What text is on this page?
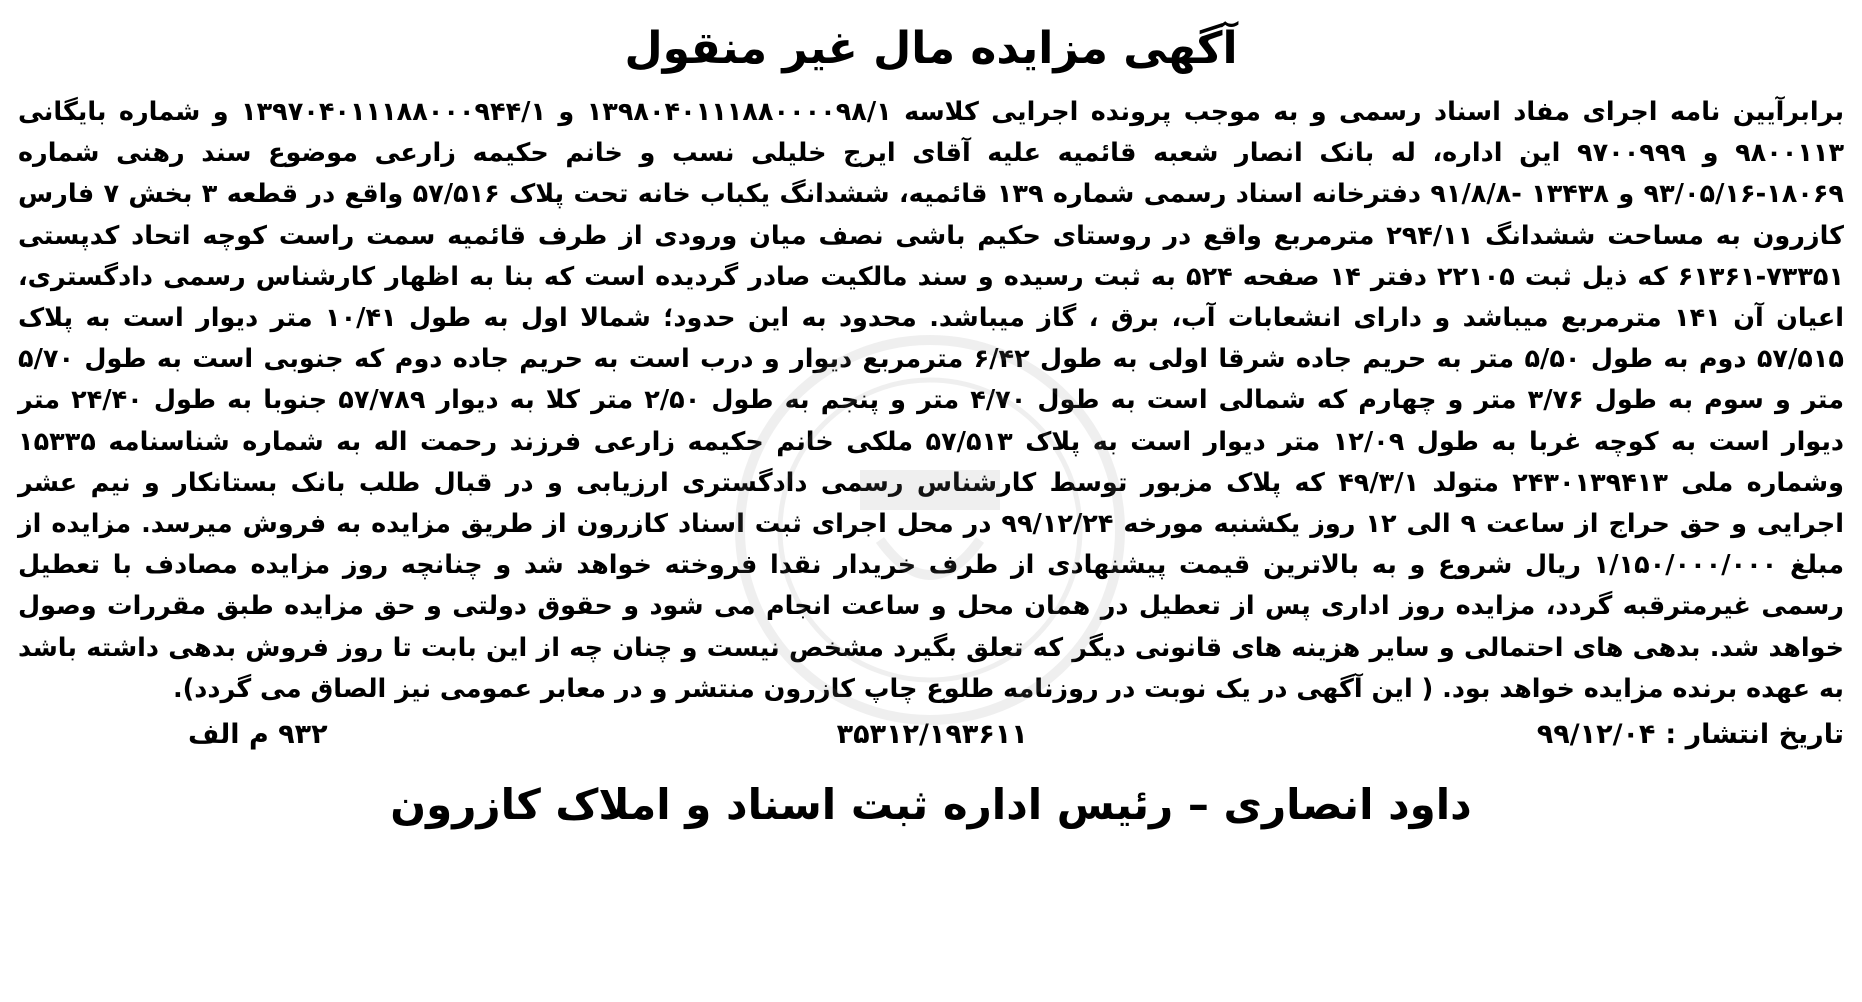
آگهی مزایده مال غیر منقول

برابرآیین نامه اجرای مفاد اسناد رسمی و به موجب پرونده اجرایی کلاسه ۱۳۹۸۰۴۰۱۱۱۸۸۰۰۰۰۹۸/۱ و ۱۳۹۷۰۴۰۱۱۱۸۸۰۰۰۹۴۴/۱ و شماره بایگانی ۹۸۰۰۱۱۳ و ۹۷۰۰۹۹۹ این اداره، له بانک انصار شعبه قائمیه علیه آقای ایرج خلیلی نسب و خانم حکیمه زارعی موضوع سند رهنی شماره ۱۸۰۶۹-۹۳/۰۵/۱۶ و ۱۳۴۳۸ -۹۱/۸/۸ دفترخانه اسناد رسمی شماره ۱۳۹ قائمیه، ششدانگ یکباب خانه تحت پلاک ۵۷/۵۱۶ واقع در قطعه ۳ بخش ۷ فارس کازرون به مساحت ششدانگ ۲۹۴/۱۱ مترمربع واقع در روستای حکیم باشی نصف میان ورودی از طرف قائمیه سمت راست کوچه اتحاد کدپستی ۷۳۳۵۱-۶۱۳۶۱ که ذیل ثبت ۲۲۱۰۵ دفتر ۱۴ صفحه ۵۲۴ به ثبت رسیده و سند مالکیت صادر گردیده است که بنا به اظهار کارشناس رسمی دادگستری، اعیان آن ۱۴۱ مترمربع میباشد و دارای انشعابات آب، برق ، گاز میباشد. محدود به این حدود؛ شمالا اول به طول ۱۰/۴۱ متر دیوار است به پلاک ۵۷/۵۱۵ دوم به طول ۵/۵۰ متر به حریم جاده شرقا اولی به طول ۶/۴۲ مترمربع دیوار و درب است به حریم جاده دوم که جنوبی است به طول ۵/۷۰ متر و سوم به طول ۳/۷۶ متر و چهارم که شمالی است به طول ۴/۷۰ متر و پنجم به طول ۲/۵۰ متر کلا به دیوار ۵۷/۷۸۹ جنوبا به طول ۲۴/۴۰ متر دیوار است به کوچه غربا به طول ۱۲/۰۹ متر دیوار است به پلاک ۵۷/۵۱۳ ملکی خانم حکیمه زارعی فرزند رحمت اله به شماره شناسنامه ۱۵۳۳۵ وشماره ملی ۲۴۳۰۱۳۹۴۱۳ متولد ۴۹/۳/۱ که پلاک مزبور توسط کارشناس رسمی دادگستری ارزیابی و در قبال طلب بانک بستانکار و نیم عشر اجرایی و حق حراج از ساعت ۹ الی ۱۲ روز یکشنبه مورخه ۹۹/۱۲/۲۴ در محل اجرای ثبت اسناد کازرون از طریق مزایده به فروش میرسد. مزایده از مبلغ ۱/۱۵۰/۰۰۰/۰۰۰ ریال شروع و به بالاترین قیمت پیشنهادی از طرف خریدار نقدا فروخته خواهد شد و چنانچه روز مزایده مصادف با تعطیل رسمی غیرمترقبه گردد، مزایده روز اداری پس از تعطیل در همان محل و ساعت انجام می شود و حقوق دولتی و حق مزایده طبق مقررات وصول خواهد شد. بدهی های احتمالی و سایر هزینه های قانونی دیگر که تعلق بگیرد مشخص نیست و چنان چه از این بابت تا روز فروش بدهی داشته باشد به عهده برنده مزایده خواهد بود. ( این آگهی در یک نوبت در روزنامه طلوع چاپ کازرون منتشر و در معابر عمومی نیز الصاق می گردد).

تاریخ انتشار :
۹۹/۱۲/۰۴
۳۵۳۱۲/۱۹۳۶۱۱
۹۳۲ م الف
داود انصاری – رئیس اداره ثبت اسناد و املاک کازرون
